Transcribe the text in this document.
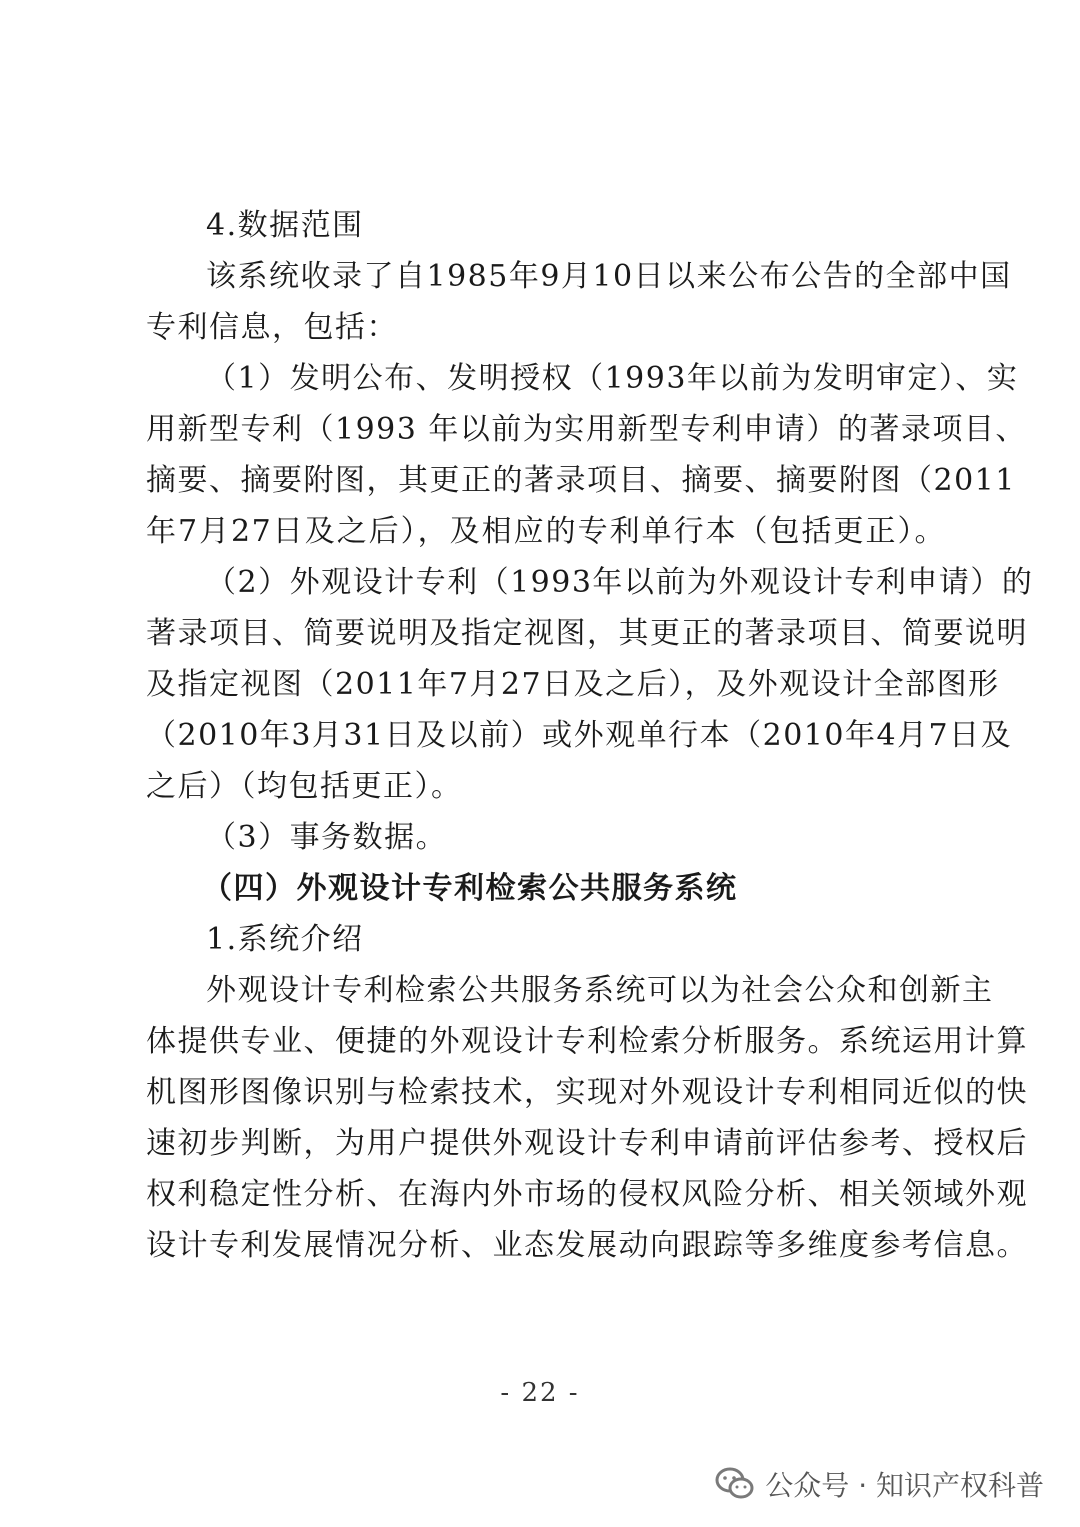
4.数据范围
该系统收录了自1985年9月10日以来公布公告的全部中国
专利信息，包括：
（1）发明公布、发明授权（1993年以前为发明审定）、实
用新型专利（1993 年以前为实用新型专利申请）的著录项目、
摘要、摘要附图，其更正的著录项目、摘要、摘要附图（2011
年7月27日及之后），及相应的专利单行本（包括更正）。
（2）外观设计专利（1993年以前为外观设计专利申请）的
著录项目、简要说明及指定视图，其更正的著录项目、简要说明
及指定视图（2011年7月27日及之后），及外观设计全部图形
（2010年3月31日及以前）或外观单行本（2010年4月7日及
之后）（均包括更正）。
（3）事务数据。
（四）外观设计专利检索公共服务系统
1.系统介绍
外观设计专利检索公共服务系统可以为社会公众和创新主
体提供专业、便捷的外观设计专利检索分析服务。系统运用计算
机图形图像识别与检索技术，实现对外观设计专利相同近似的快
速初步判断，为用户提供外观设计专利申请前评估参考、授权后
权利稳定性分析、在海内外市场的侵权风险分析、相关领域外观
设计专利发展情况分析、业态发展动向跟踪等多维度参考信息。
- 22 -
公众号 · 知识产权科普
